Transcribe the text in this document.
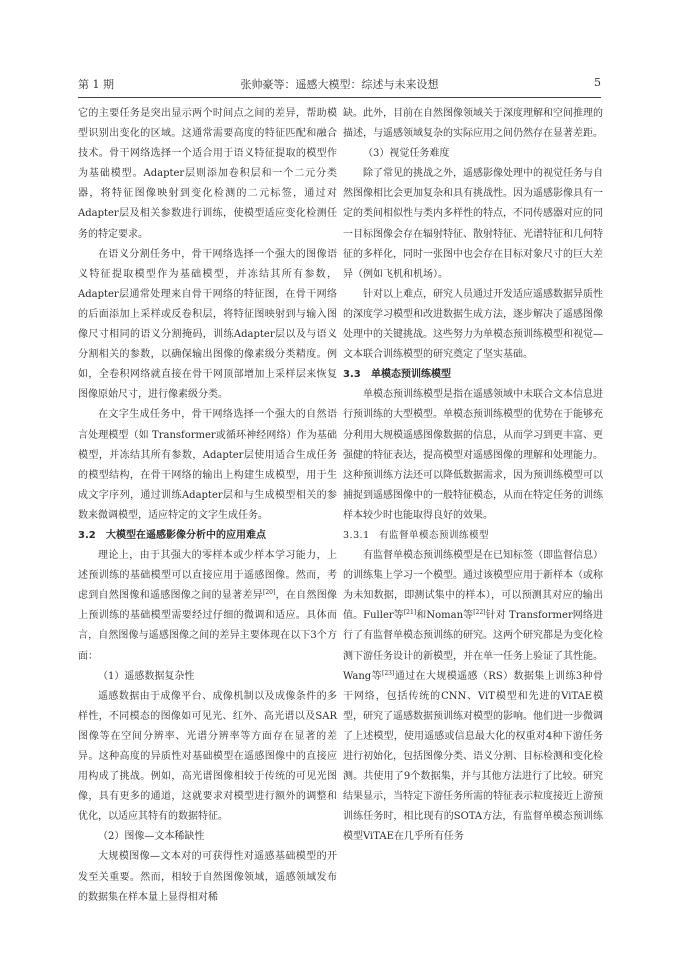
第 1 期	张帅豪等：遥感大模型：综述与未来设想	5

它的主要任务是突出显示两个时间点之间的差异，帮助模型识别出变化的区域。这通常需要高度的特征匹配和融合技术。骨干网络选择一个适合用于语义特征提取的模型作为基础模型。Adapter层则添加卷积层和一个二元分类器，将特征图像映射到变化检测的二元标签，通过对Adapter层及相关参数进行训练，使模型适应变化检测任务的特定要求。

在语义分割任务中，骨干网络选择一个强大的图像语义特征提取模型作为基础模型，并冻结其所有参数，Adapter层通常处理来自骨干网络的特征图，在骨干网络的后面添加上采样或反卷积层，将特征图映射到与输入图像尺寸相同的语义分割掩码，训练Adapter层以及与语义分割相关的参数，以确保输出图像的像素级分类精度。例如，全卷积网络就直接在骨干网顶部增加上采样层来恢复图像原始尺寸，进行像素级分类。

在文字生成任务中，骨干网络选择一个强大的自然语言处理模型（如 Transformer或循环神经网络）作为基础模型，并冻结其所有参数，Adapter层使用适合生成任务的模型结构，在骨干网络的输出上构建生成模型，用于生成文字序列，通过训练Adapter层和与生成模型相关的参数来微调模型，适应特定的文字生成任务。

3.2 大模型在遥感影像分析中的应用难点

理论上，由于其强大的零样本或少样本学习能力，上述预训练的基础模型可以直接应用于遥感图像。然而，考虑到自然图像和遥感图像之间的显著差异[20]，在自然图像上预训练的基础模型需要经过仔细的微调和适应。具体而言，自然图像与遥感图像之间的差异主要体现在以下3个方面：

（1）遥感数据复杂性

遥感数据由于成像平台、成像机制以及成像条件的多样性，不同模态的图像如可见光、红外、高光谱以及SAR图像等在空间分辨率、光谱分辨率等方面存在显著的差异。这种高度的异质性对基础模型在遥感图像中的直接应用构成了挑战。例如，高光谱图像相较于传统的可见光图像，具有更多的通道，这就要求对模型进行额外的调整和优化，以适应其特有的数据特征。

（2）图像—文本稀缺性

大规模图像—文本对的可获得性对遥感基础模型的开发至关重要。然而，相较于自然图像领域，遥感领域发布的数据集在样本量上显得相对稀

缺。此外，目前在自然图像领域关于深度理解和空间推理的描述，与遥感领域复杂的实际应用之间仍然存在显著差距。

（3）视觉任务难度

除了常见的挑战之外，遥感影像处理中的视觉任务与自然图像相比会更加复杂和具有挑战性。因为遥感影像具有一定的类间相似性与类内多样性的特点，不同传感器对应的同一目标图像会存在辐射特征、散射特征、光谱特征和几何特征的多样化，同时一张图中也会存在目标对象尺寸的巨大差异（例如飞机和机场）。

针对以上难点，研究人员通过开发适应遥感数据异质性的深度学习模型和改进数据生成方法，逐步解决了遥感图像处理中的关键挑战。这些努力为单模态预训练模型和视觉—文本联合训练模型的研究奠定了坚实基础。

3.3 单模态预训练模型

单模态预训练模型是指在遥感领域中未联合文本信息进行预训练的大型模型。单模态预训练模型的优势在于能够充分利用大规模遥感图像数据的信息，从而学习到更丰富、更强健的特征表达，提高模型对遥感图像的理解和处理能力。这种预训练方法还可以降低数据需求，因为预训练模型可以捕捉到遥感图像中的一般特征模态，从而在特定任务的训练样本较少时也能取得良好的效果。

3.3.1 有监督单模态预训练模型

有监督单模态预训练模型是在已知标签（即监督信息）的训练集上学习一个模型。通过该模型应用于新样本（或称为未知数据，即测试集中的样本），可以预测其对应的输出值。Fuller等[21]和Noman等[22]针对 Transformer网络进行了有监督单模态预训练的研究。这两个研究都是为变化检测下游任务设计的新模型，并在单一任务上验证了其性能。Wang等[23]通过在大规模遥感（RS）数据集上训练3种骨干网络，包括传统的CNN、ViT模型和先进的ViTAE模型，研究了遥感数据预训练对模型的影响。他们进一步微调了上述模型，使用遥感或信息最大化的权重对4种下游任务进行初始化，包括图像分类、语义分割、目标检测和变化检测。共使用了9个数据集，并与其他方法进行了比较。研究结果显示，当特定下游任务所需的特征表示粒度接近上游预训练任务时，相比现有的SOTA方法，有监督单模态预训练模型ViTAE在几乎所有任务
